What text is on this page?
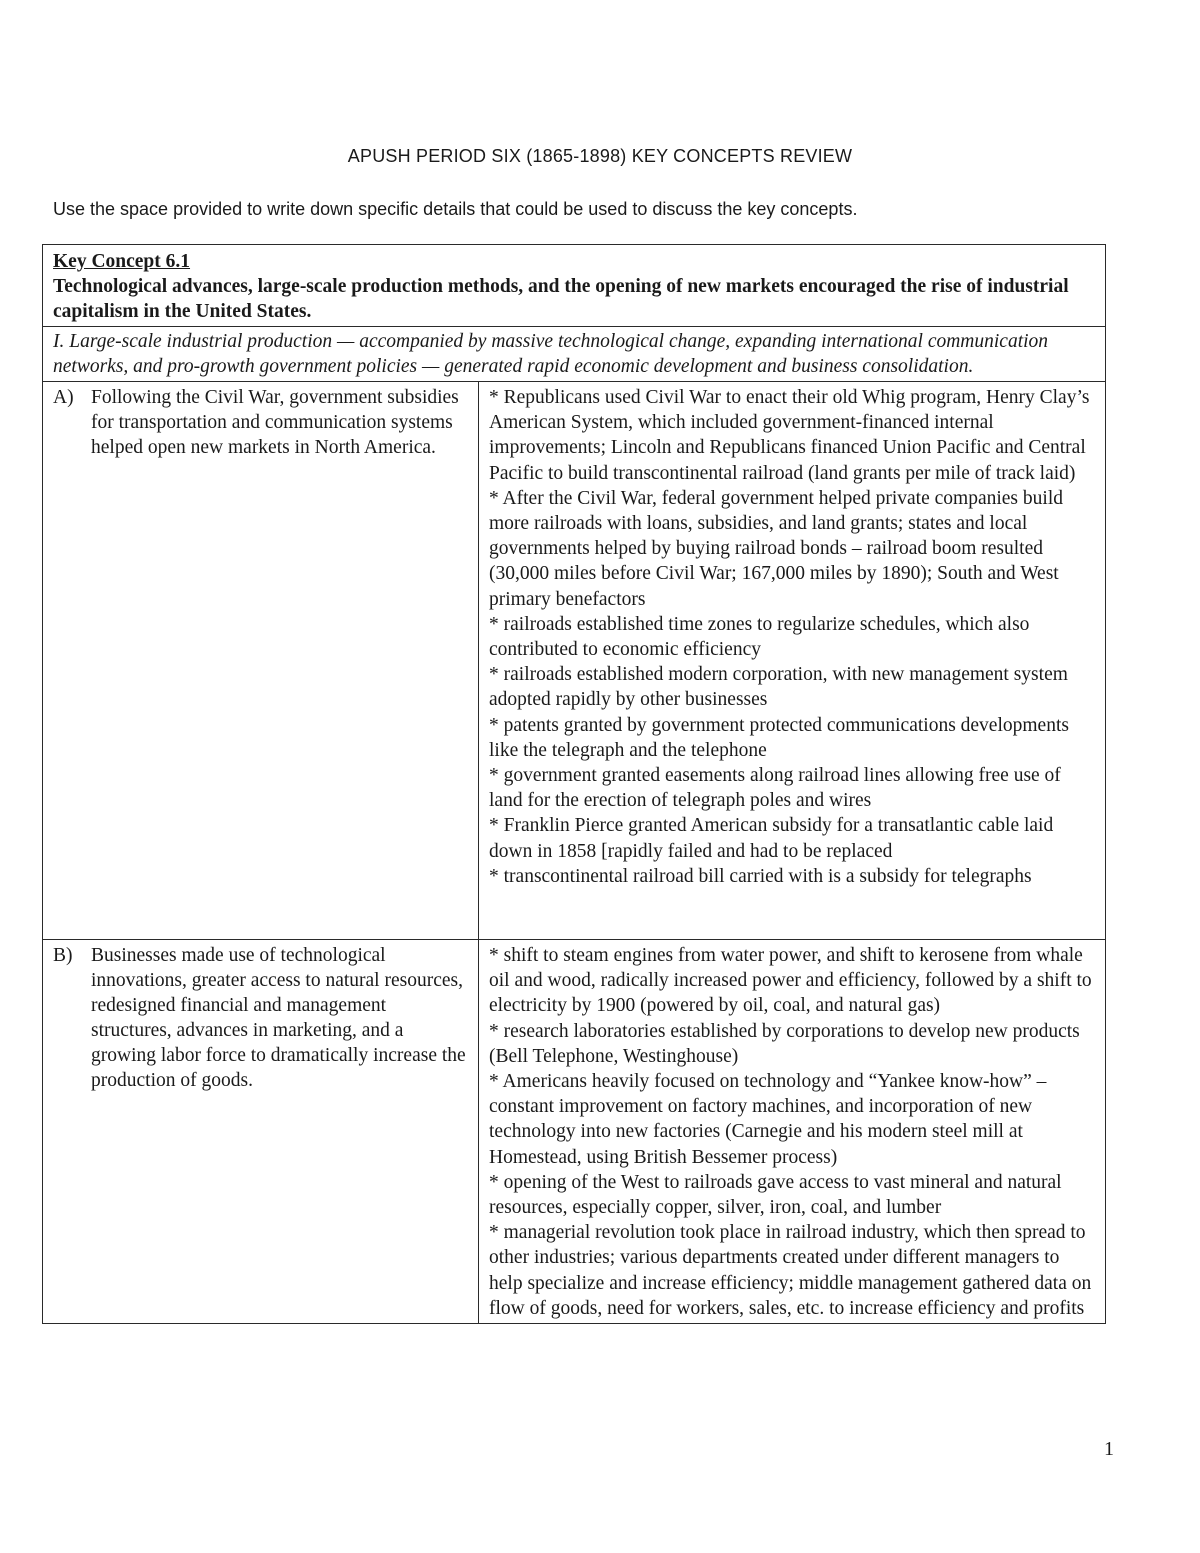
APUSH PERIOD SIX (1865-1898) KEY CONCEPTS REVIEW
Use the space provided to write down specific details that could be used to discuss the key concepts.
Key Concept 6.1
Technological advances, large-scale production methods, and the opening of new markets encouraged the rise of industrial capitalism in the United States.
I. Large-scale industrial production — accompanied by massive technological change, expanding international communication networks, and pro-growth government policies — generated rapid economic development and business consolidation.
A) Following the Civil War, government subsidies for transportation and communication systems helped open new markets in North America.
* Republicans used Civil War to enact their old Whig program, Henry Clay’s American System, which included government-financed internal improvements; Lincoln and Republicans financed Union Pacific and Central Pacific to build transcontinental railroad (land grants per mile of track laid)
* After the Civil War, federal government helped private companies build more railroads with loans, subsidies, and land grants; states and local governments helped by buying railroad bonds – railroad boom resulted (30,000 miles before Civil War; 167,000 miles by 1890); South and West primary benefactors
* railroads established time zones to regularize schedules, which also contributed to economic efficiency
* railroads established modern corporation, with new management system adopted rapidly by other businesses
* patents granted by government protected communications developments like the telegraph and the telephone
* government granted easements along railroad lines allowing free use of land for the erection of telegraph poles and wires
* Franklin Pierce granted American subsidy for a transatlantic cable laid down in 1858 [rapidly failed and had to be replaced
* transcontinental railroad bill carried with is a subsidy for telegraphs
B) Businesses made use of technological innovations, greater access to natural resources, redesigned financial and management structures, advances in marketing, and a growing labor force to dramatically increase the production of goods.
* shift to steam engines from water power, and shift to kerosene from whale oil and wood, radically increased power and efficiency, followed by a shift to electricity by 1900 (powered by oil, coal, and natural gas)
* research laboratories established by corporations to develop new products (Bell Telephone, Westinghouse)
* Americans heavily focused on technology and “Yankee know-how” – constant improvement on factory machines, and incorporation of new technology into new factories (Carnegie and his modern steel mill at Homestead, using British Bessemer process)
* opening of the West to railroads gave access to vast mineral and natural resources, especially copper, silver, iron, coal, and lumber
* managerial revolution took place in railroad industry, which then spread to other industries; various departments created under different managers to help specialize and increase efficiency; middle management gathered data on flow of goods, need for workers, sales, etc. to increase efficiency and profits
1
